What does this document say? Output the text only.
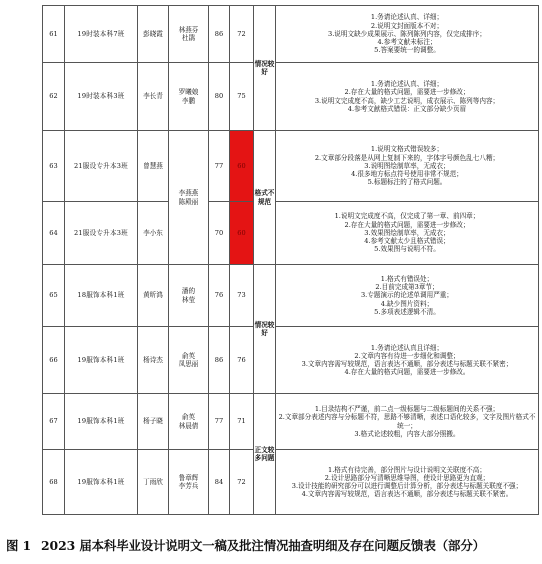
61	19时装本科7班	彭晓霞	林燕芬
杜鹃	86	72	情况较好	1.务请论述认真、详细；
2.说明文封面版本不对；
3.说明文缺少成果展示、陈列陈列内容，仅完成排序；
4.参考文献未标注；
5.答案要统一的调整。

62	19时装本科3班	李长青	罗曦娘
李鹏	80	75		1.务请论述认真、详细；
2.存在大量的格式问题，需要进一步修改；
3.说明文完成度不高，缺少工艺说明，成衣展示、陈列等内容；
4.参考文献格式错误：正文部分缺少页眉

63	21服设专升本3班	曾慧燕	李燕燕
陈殿丽	77	60	格式不规范	1.说明文格式错误较多；
2.文章部分段落是从网上复制下来的，字体字号颜色乱七八糟；
3.说明图绘制草率，无成衣；
4.很多地方标点符号使用非常不规范；
5.标题标注的了格式问题。

64	21服设专升本3班	李小东		70	60		1.说明文完成度不高，仅完成了第一章、前四章；
2.存在大量的格式问题，需要进一步修改；
3.效果图绘制草率，无成衣；
4.参考文献太少且格式错误；
5.效果图与说明不符。

65	18服饰本科1班	黄昕鸿	潘的
林莹	76	73	情况较好	1.格式有错误处；
2.目前完成第3章节；
3.专题演示的论述单调用严重；
4.缺少图片资料；
5.多项表述逻辑不清。

66	19服饰本科1班	杨诗杰	俞英
凤思丽	86	76		1.务请论述认真且详细；
2.文章内容有待进一步细化和调整；
3.文章内容需写较规范，语言表达不通顺，部分表述与标题关联不紧密；
4.存在大量的格式问题，需要进一步修改。

67	19服饰本科1班	杨子晓	俞英
林晨倩	77	71	正文较多问题	1.目录结构不严谨，前二点一级标题与二级标题间的关系不强；
2.文章部分表述内容与分标题不符，思路不够清晰，表述口语化较多，文字及图片格式不统一；
3.格式论述较粗，内容大部分照搬。

68	19服饰本科1班	丁雨欣	鲁章辉
李芳兵	84	72		1.格式有待完善，部分图片与设计说明文关联度不高；
2.设计思路部分写清晰思维导图，使设计思路更为直观；
3.设计技能的研究部分可以进行调整后计算分析，部分表述与标题关联度不强；
4.文章内容需写较规范，语言表达不通顺，部分表述与标题关联不紧密。
图 1 2023 届本科毕业设计说明文一稿及批注情况抽查明细及存在问题反馈表（部分）
